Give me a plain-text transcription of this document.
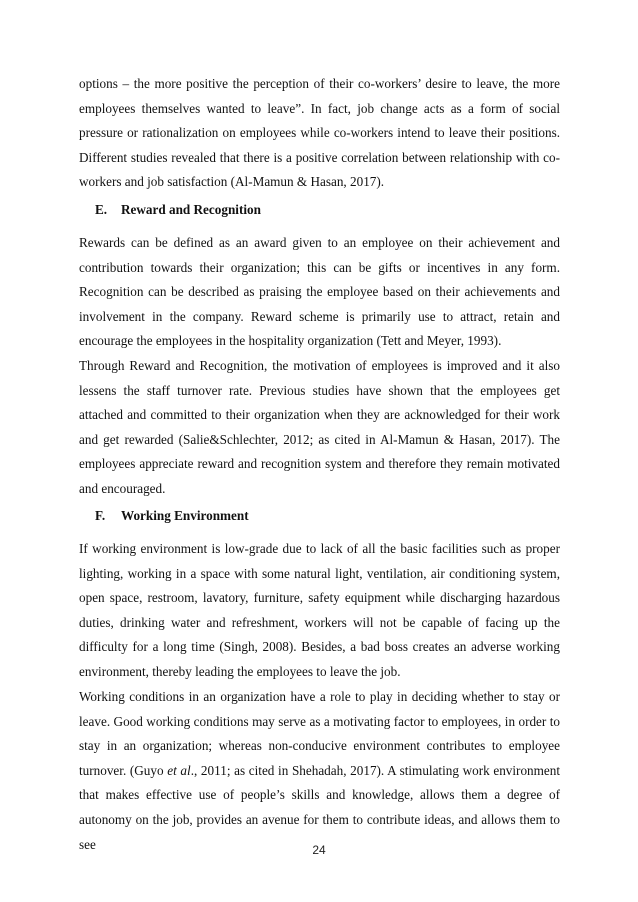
options – the more positive the perception of their co-workers’ desire to leave, the more employees themselves wanted to leave”. In fact, job change acts as a form of social pressure or rationalization on employees while co-workers intend to leave their positions. Different studies revealed that there is a positive correlation between relationship with co-workers and job satisfaction (Al-Mamun & Hasan, 2017).

E. Reward and Recognition

Rewards can be defined as an award given to an employee on their achievement and contribution towards their organization; this can be gifts or incentives in any form. Recognition can be described as praising the employee based on their achievements and involvement in the company. Reward scheme is primarily use to attract, retain and encourage the employees in the hospitality organization (Tett and Meyer, 1993).

Through Reward and Recognition, the motivation of employees is improved and it also lessens the staff turnover rate. Previous studies have shown that the employees get attached and committed to their organization when they are acknowledged for their work and get rewarded (Salie&Schlechter, 2012; as cited in Al-Mamun & Hasan, 2017). The employees appreciate reward and recognition system and therefore they remain motivated and encouraged.

F. Working Environment

If working environment is low-grade due to lack of all the basic facilities such as proper lighting, working in a space with some natural light, ventilation, air conditioning system, open space, restroom, lavatory, furniture, safety equipment while discharging hazardous duties, drinking water and refreshment, workers will not be capable of facing up the difficulty for a long time (Singh, 2008). Besides, a bad boss creates an adverse working environment, thereby leading the employees to leave the job.

Working conditions in an organization have a role to play in deciding whether to stay or leave. Good working conditions may serve as a motivating factor to employees, in order to stay in an organization; whereas non-conducive environment contributes to employee turnover. (Guyo et al., 2011; as cited in Shehadah, 2017). A stimulating work environment that makes effective use of people’s skills and knowledge, allows them a degree of autonomy on the job, provides an avenue for them to contribute ideas, and allows them to see	24
